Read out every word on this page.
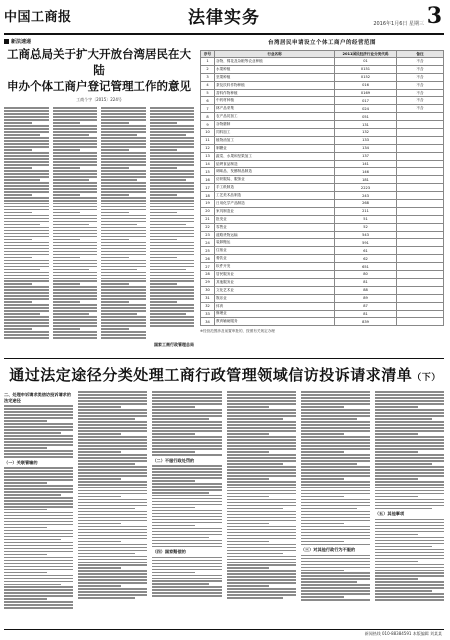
中国工商报	法律实务	2016年1月6日 星期三 3
新法速递
工商总局关于扩大开放台湾居民在大陆
申办个体工商户登记管理工作的意见
工商个字〔2015〕224号
国家工商行政管理总局
台湾居民申请设立个体工商户的经营范围
序号	行业名称	2011国民经济行业分类代码	备注
1	谷物、棉花及杂粮等农业种植	01	不含
2	水果种植	0151	不含
3	坚果种植	0152	不含
4	茶及饮料作物种植	016	不含
5	香料作物种植	0169	不含
6	中药材种植	017	不含
7	林产品采集	024	不含
8	农产品初加工	051	
9	谷物磨制	131	
10	饲料加工	132	
11	植物油加工	133	
12	制糖业	134	
13	蔬菜、水果和坚果加工	137	
14	焙烤食品制造	141	
15	调味品、发酵制品制造	146	
16	纺织服装、服饰业	181	
17	手工纸制造	2223	
18	工艺美术品制造	243	
19	日用化学产品制造	268	
20	家具制造业	211	
21	批发业	51	
22	零售业	52	
23	道路货物运输	543	
24	装卸搬运	591	
25	住宿业	61	
26	餐饮业	62	
27	软件开发	651	
28	居民服务业	80	
29	其他服务业	81	
30	文化艺术业	88	
31	娱乐业	89	
32	体育	87	
33	修理业	81	
34	教育辅助服务	839	
※经营范围涉及前置审批的，按照有关规定办理
通过法定途径分类处理工商行政管理领域信访投诉请求清单（下）
二、处理申诉请求类信访投诉请求的法定途径
（一）关联管辖的	（二）不服行政处罚的
（四）国家赔偿的	（三）对其他行政行为不服的
（五）其他事项
新闻热线 010-88384591 本版编辑 刘某某
